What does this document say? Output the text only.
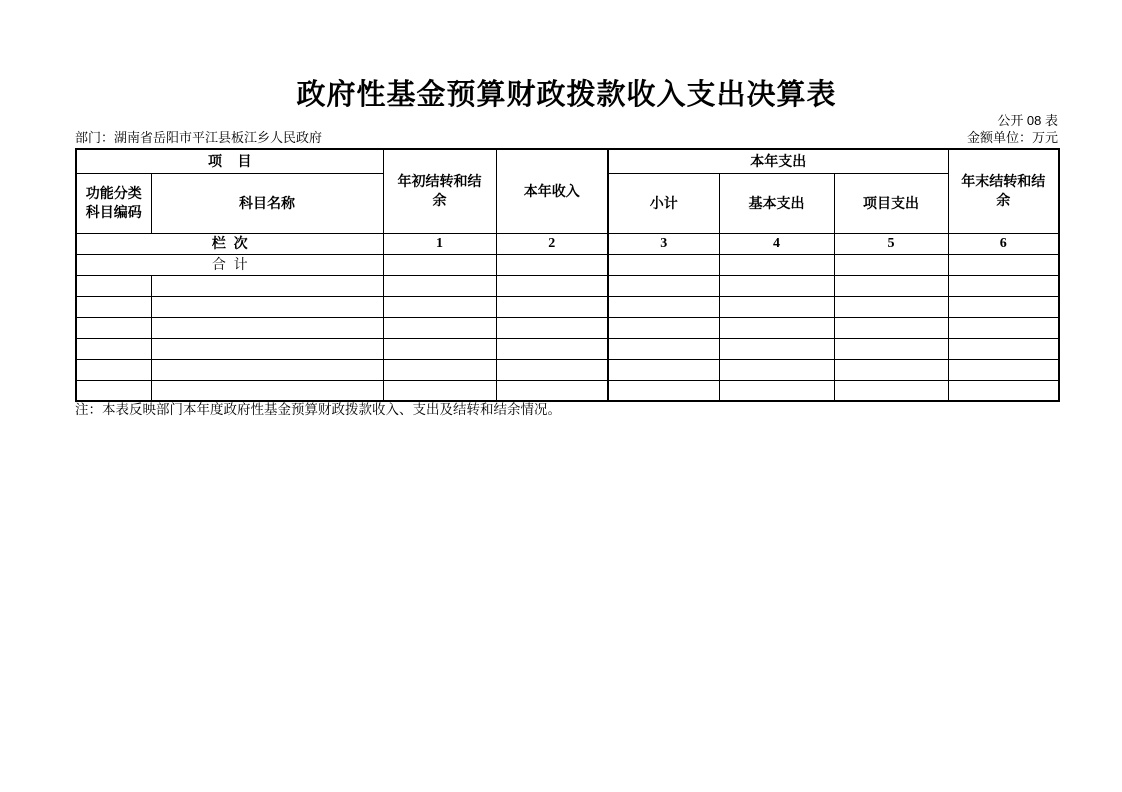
政府性基金预算财政拨款收入支出决算表
公开 08 表
部门：湖南省岳阳市平江县板江乡人民政府	金额单位：万元
项    目		年初结转和结余	本年收入	本年支出			年末结转和结余
功能分类科目编码	科目名称			小计	基本支出	项目支出	
栏  次		1	2	3	4	5	6
合  计							

注：本表反映部门本年度政府性基金预算财政拨款收入、支出及结转和结余情况。
